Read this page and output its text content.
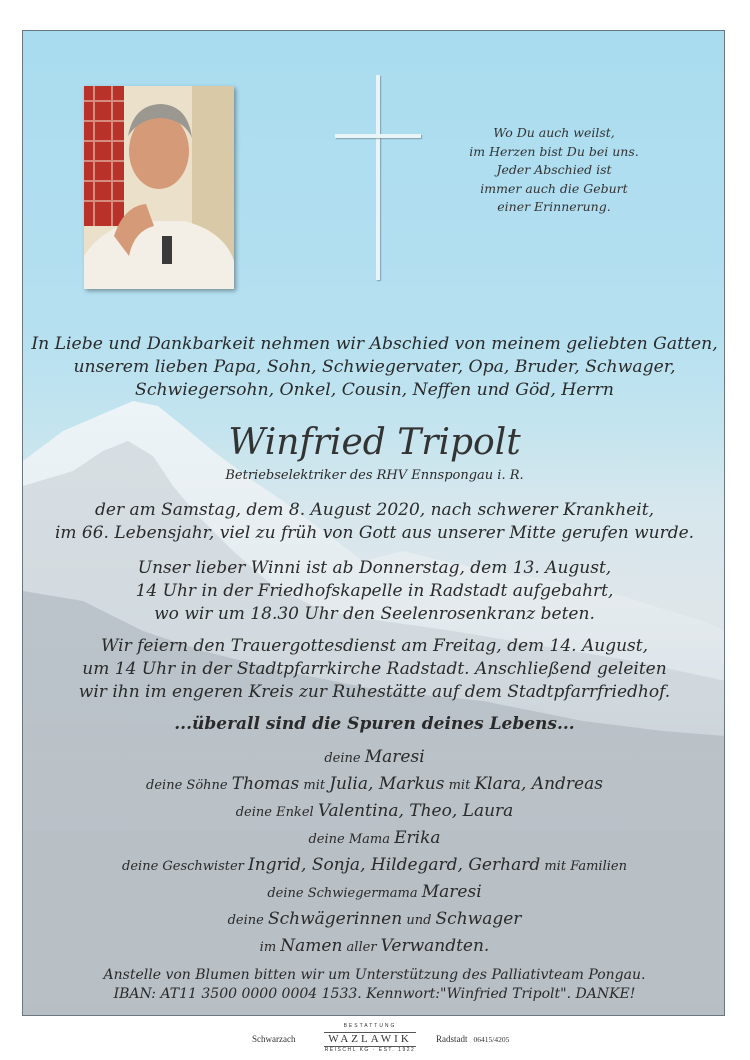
Wo Du auch weilst,
im Herzen bist Du bei uns.
Jeder Abschied ist
immer auch die Geburt
einer Erinnerung.
In Liebe und Dankbarkeit nehmen wir Abschied von meinem geliebten Gatten,
unserem lieben Papa, Sohn, Schwiegervater, Opa, Bruder, Schwager,
Schwiegersohn, Onkel, Cousin, Neffen und Göd, Herrn
Winfried Tripolt
Betriebselektriker des RHV Ennspongau i. R.
der am Samstag, dem 8. August 2020, nach schwerer Krankheit,
im 66. Lebensjahr, viel zu früh von Gott aus unserer Mitte gerufen wurde.
Unser lieber Winni ist ab Donnerstag, dem 13. August,
14 Uhr in der Friedhofskapelle in Radstadt aufgebahrt,
wo wir um 18.30 Uhr den Seelenrosenkranz beten.
Wir feiern den Trauergottesdienst am Freitag, dem 14. August,
um 14 Uhr in der Stadtpfarrkirche Radstadt. Anschließend geleiten
wir ihn im engeren Kreis zur Ruhestätte auf dem Stadtpfarrfriedhof.
...überall sind die Spuren deines Lebens...
deine Maresi
deine Söhne Thomas mit Julia, Markus mit Klara, Andreas
deine Enkel Valentina, Theo, Laura
deine Mama Erika
deine Geschwister Ingrid, Sonja, Hildegard, Gerhard mit Familien
deine Schwiegermama Maresi
deine Schwägerinnen und Schwager
im Namen aller Verwandten.
Anstelle von Blumen bitten wir um Unterstützung des Palliativteam Pongau.
IBAN: AT11 3500 0000 0004 1533. Kennwort:"Winfried Tripolt". DANKE!
Schwarzach
BESTATTUNG
WAZLAWIK
REISCHL KG · EST. 1922
Radstadt 06415/4205
